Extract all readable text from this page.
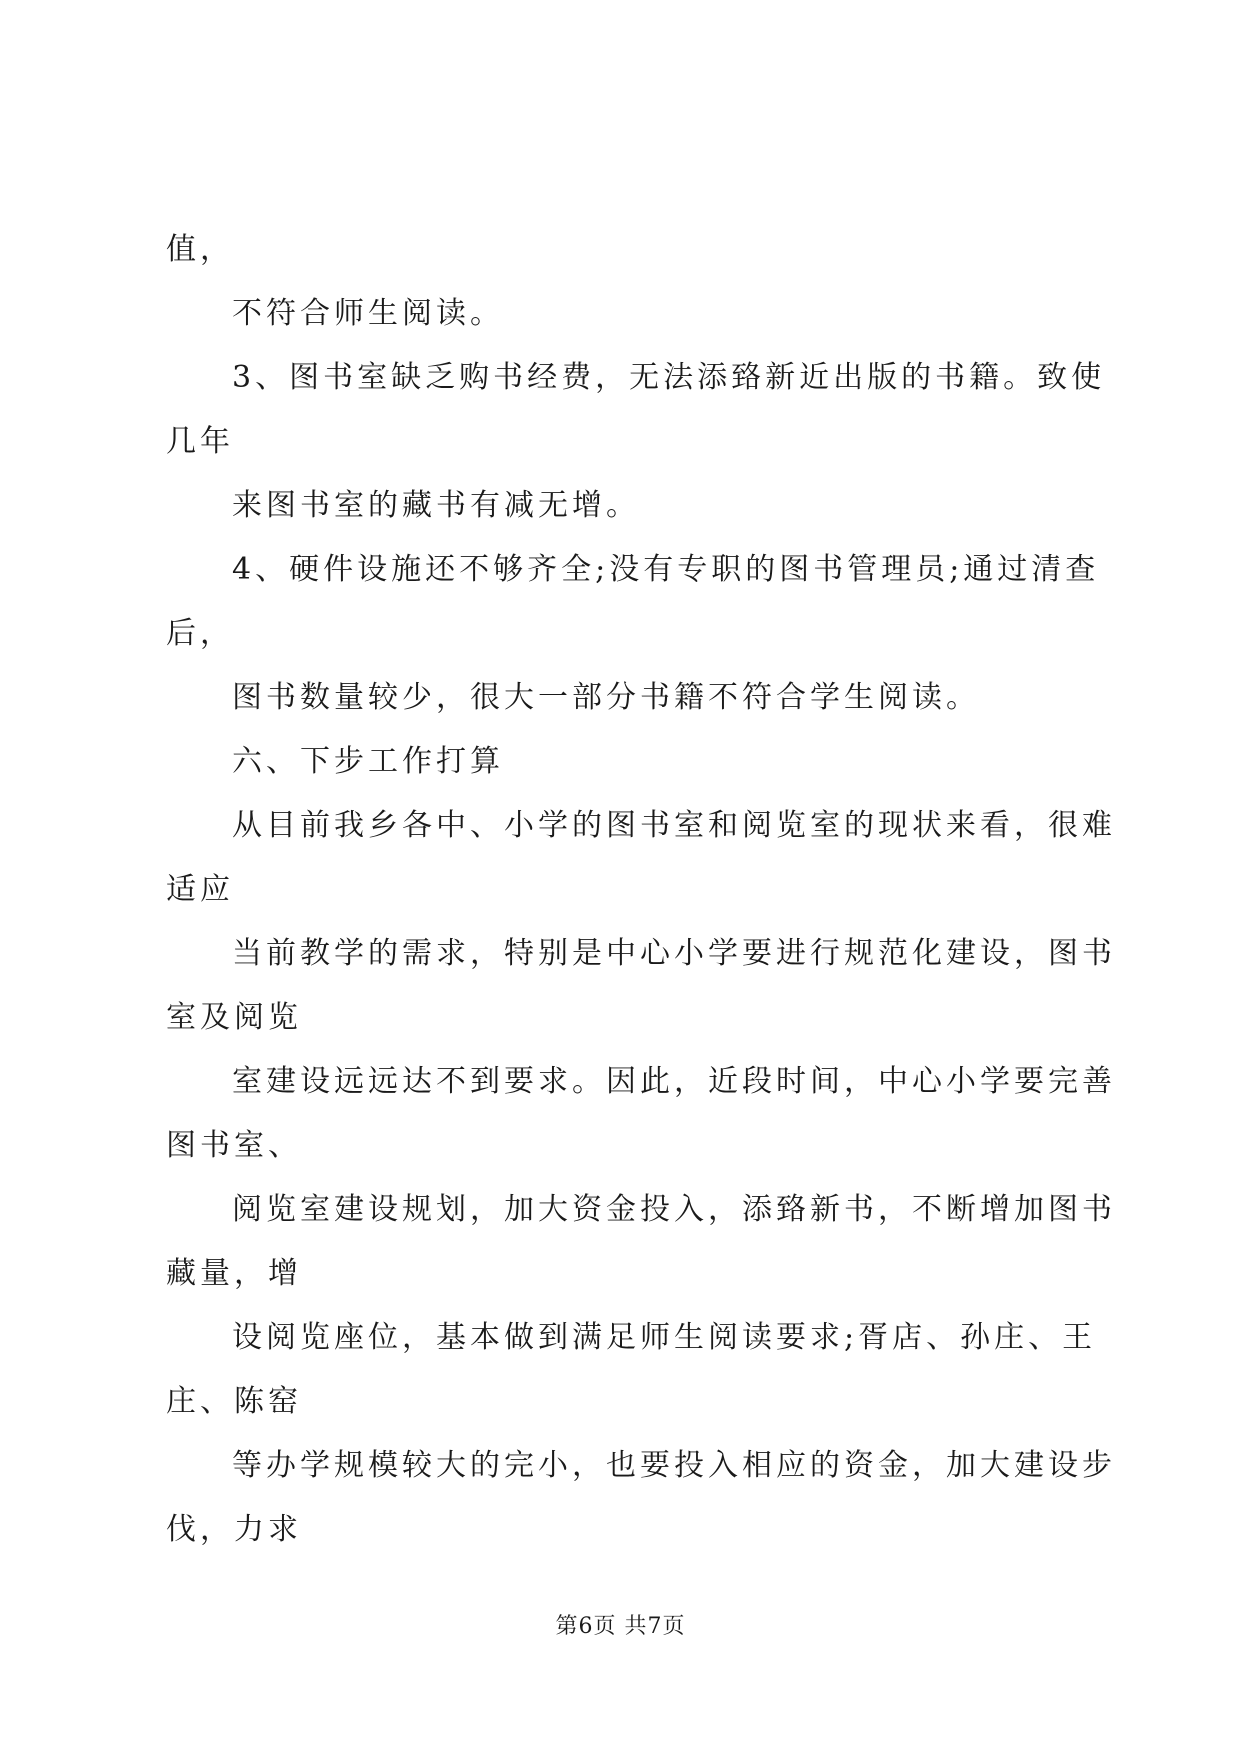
值，
不符合师生阅读。
3、图书室缺乏购书经费，无法添臵新近出版的书籍。致使
几年
来图书室的藏书有减无增。
4、硬件设施还不够齐全;没有专职的图书管理员;通过清查
后，
图书数量较少，很大一部分书籍不符合学生阅读。
六、下步工作打算
从目前我乡各中、小学的图书室和阅览室的现状来看，很难
适应
当前教学的需求，特别是中心小学要进行规范化建设，图书
室及阅览
室建设远远达不到要求。因此，近段时间，中心小学要完善
图书室、
阅览室建设规划，加大资金投入，添臵新书，不断增加图书
藏量，增
设阅览座位，基本做到满足师生阅读要求;胥店、孙庄、王
庄、陈窑
等办学规模较大的完小，也要投入相应的资金，加大建设步
伐，力求
第6页 共7页
